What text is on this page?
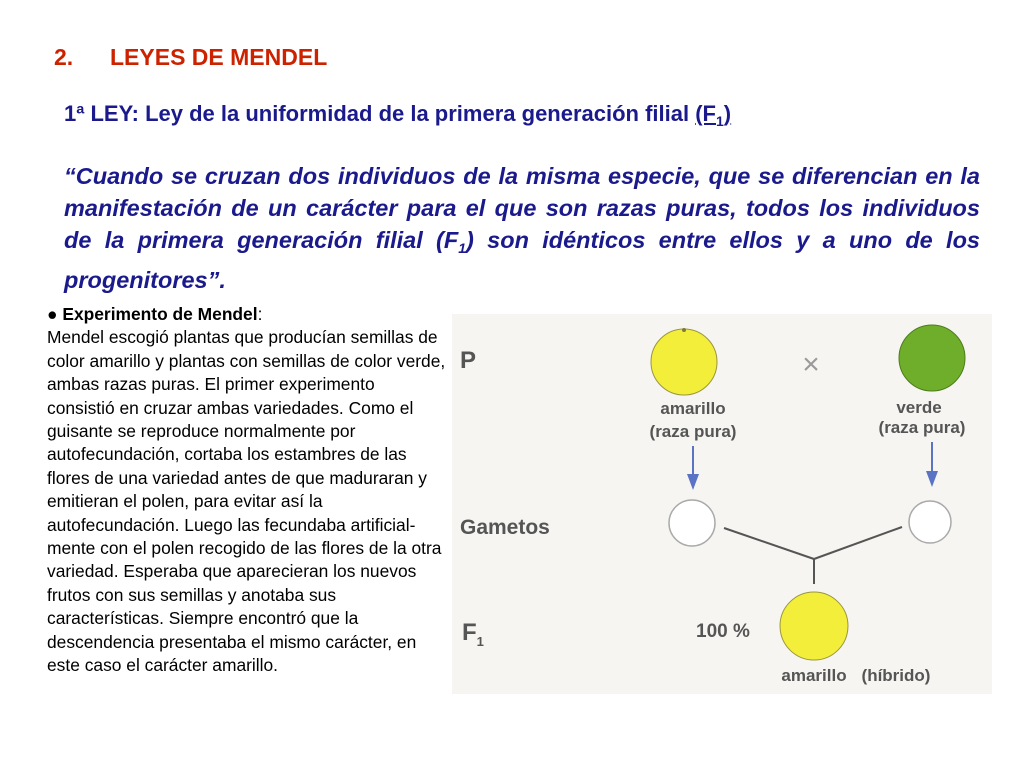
2. LEYES DE MENDEL
1ª LEY: Ley de la uniformidad de la primera generación filial $(F_1)$

“Cuando se cruzan dos individuos de la misma especie, que se diferencian en la manifestación de un carácter para el que son razas puras, todos los individuos de la primera generación filial $(F_1)$ son idénticos entre ellos y a uno de los progenitores”.

● Experimento de Mendel:
Mendel escogió plantas que producían semillas de color amarillo y plantas con semillas de color verde, ambas razas puras. El primer experimento consistió en cruzar ambas variedades. Como el guisante se reproduce normalmente por autofecundación, cortaba los estambres de las flores de una variedad antes de que maduraran y emitieran el polen, para evitar así la autofecundación. Luego las fecundaba artificial- mente con el polen recogido de las flores de la otra variedad. Esperaba que aparecieran los nuevos frutos con sus semillas y anotaba sus características. Siempre encontró que la descendencia presentaba el mismo carácter, en este caso el carácter amarillo.
P
Gametos
$F_1$
×
amarillo
(raza pura)
verde
(raza pura)
100 %
amarillo (híbrido)
